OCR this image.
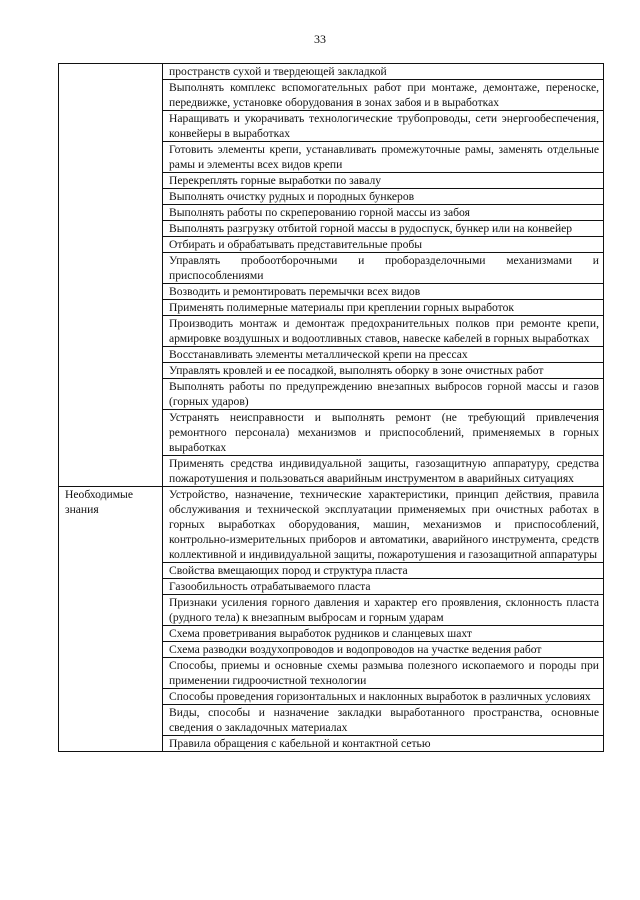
33
	пространств сухой и твердеющей закладкой
	Выполнять комплекс вспомогательных работ при монтаже, демонтаже, переноске, передвижке, установке оборудования в зонах забоя и в выработках
	Наращивать и укорачивать технологические трубопроводы, сети энергообеспечения, конвейеры в выработках
	Готовить элементы крепи, устанавливать промежуточные рамы, заменять отдельные рамы и элементы всех видов крепи
	Перекреплять горные выработки по завалу
	Выполнять очистку рудных и породных бункеров
	Выполнять работы по скреперованию горной массы из забоя
	Выполнять разгрузку отбитой горной массы в рудоспуск, бункер или на конвейер
	Отбирать и обрабатывать представительные пробы
	Управлять пробоотборочными и проборазделочными механизмами и приспособлениями
	Возводить и ремонтировать перемычки всех видов
	Применять полимерные материалы при креплении горных выработок
	Производить монтаж и демонтаж предохранительных полков при ремонте крепи, армировке воздушных и водоотливных ставов, навеске кабелей в горных выработках
	Восстанавливать элементы металлической крепи на прессах
	Управлять кровлей и ее посадкой, выполнять оборку в зоне очистных работ
	Выполнять работы по предупреждению внезапных выбросов горной массы и газов (горных ударов)
	Устранять неисправности и выполнять ремонт (не требующий привлечения ремонтного персонала) механизмов и приспособлений, применяемых в горных выработках
	Применять средства индивидуальной защиты, газозащитную аппаратуру, средства пожаротушения и пользоваться аварийным инструментом в аварийных ситуациях
Необходимые знания	Устройство, назначение, технические характеристики, принцип действия, правила обслуживания и технической эксплуатации применяемых при очистных работах в горных выработках оборудования, машин, механизмов и приспособлений, контрольно-измерительных приборов и автоматики, аварийного инструмента, средств коллективной и индивидуальной защиты, пожаротушения и газозащитной аппаратуры
	Свойства вмещающих пород и структура пласта
	Газообильность отрабатываемого пласта
	Признаки усиления горного давления и характер его проявления, склонность пласта (рудного тела) к внезапным выбросам и горным ударам
	Схема проветривания выработок рудников и сланцевых шахт
	Схема разводки воздухопроводов и водопроводов на участке ведения работ
	Способы, приемы и основные схемы размыва полезного ископаемого и породы при применении гидроочистной технологии
	Способы проведения горизонтальных и наклонных выработок в различных условиях
	Виды, способы и назначение закладки выработанного пространства, основные сведения о закладочных материалах
	Правила обращения с кабельной и контактной сетью
